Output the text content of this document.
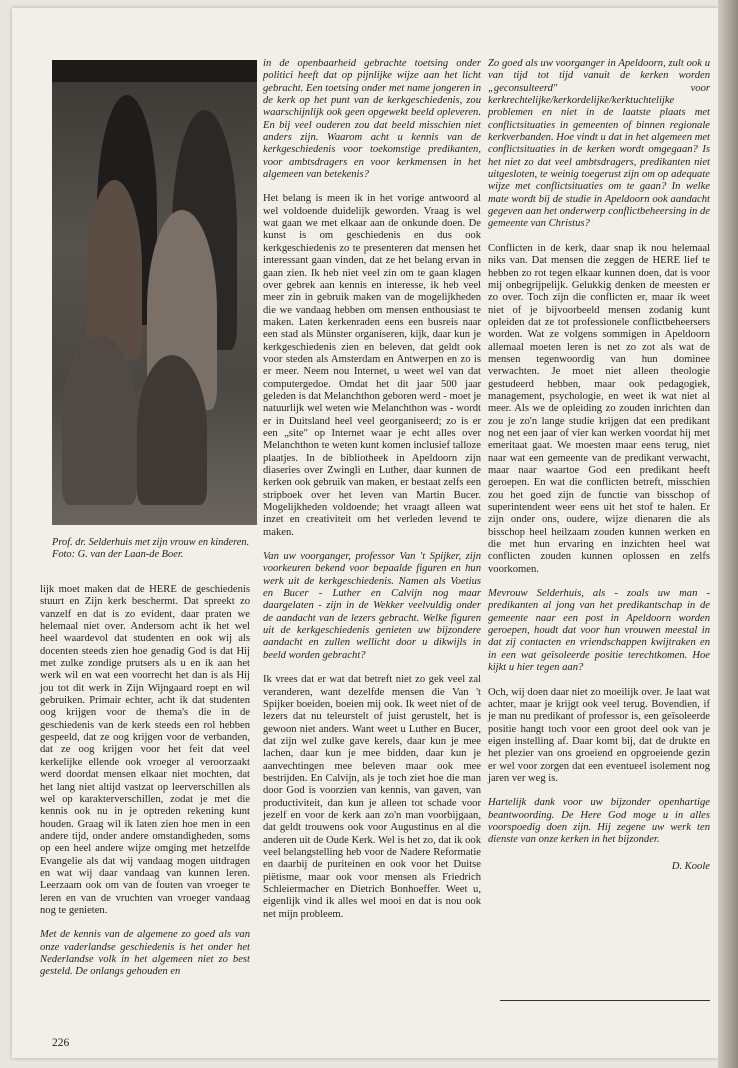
Prof. dr. Selderhuis met zijn vrouw en kinderen. Foto: G. van der Laan-de Boer.

lijk moet maken dat de HERE de geschiedenis stuurt en Zijn kerk beschermt. Dat spreekt zo vanzelf en dat is zo evident, daar praten we helemaal niet over. Andersom acht ik het wel heel waardevol dat studenten en ook wij als docenten steeds zien hoe genadig God is dat Hij met zulke zondige prutsers als u en ik aan het werk wil en wat een voorrecht het dan is als Hij jou tot dit werk in Zijn Wijngaard roept en wil gebruiken. Primair echter, acht ik dat studenten oog krijgen voor de thema's die in de geschiedenis van de kerk steeds een rol hebben gespeeld, dat ze oog krijgen voor de verbanden, dat ze oog krijgen voor het feit dat veel kerkelijke ellende ook vroeger al veroorzaakt werd doordat mensen elkaar niet mochten, dat het lang niet altijd vastzat op leerverschillen als wel op karakterverschillen, zodat je met die kennis ook nu in je optreden rekening kunt houden. Graag wil ik laten zien hoe men in een andere tijd, onder andere omstandigheden, soms op een heel andere wijze omging met hetzelfde Evangelie als dat wij vandaag mogen uitdragen en wat wij daar vandaag van kunnen leren. Leerzaam ook om van de fouten van vroeger te leren en van de vruchten van vroeger vandaag nog te genieten.

Met de kennis van de algemene zo goed als van onze vaderlandse geschiedenis is het onder het Nederlandse volk in het algemeen niet zo best gesteld. De onlangs gehouden en

in de openbaarheid gebrachte toetsing onder politici heeft dat op pijnlijke wijze aan het licht gebracht. Een toetsing onder met name jongeren in de kerk op het punt van de kerkgeschiedenis, zou waarschijnlijk ook geen opgewekt beeld opleveren. En bij veel ouderen zou dat beeld misschien niet anders zijn. Waarom acht u kennis van de kerkgeschiedenis voor toekomstige predikanten, voor ambtsdragers en voor kerkmensen in het algemeen van betekenis?

Het belang is meen ik in het vorige antwoord al wel voldoende duidelijk geworden. Vraag is wel wat gaan we met elkaar aan de onkunde doen. De kunst is om geschiedenis en dus ook kerkgeschiedenis zo te presenteren dat mensen het interessant gaan vinden, dat ze het belang ervan in gaan zien. Ik heb niet veel zin om te gaan klagen over gebrek aan kennis en interesse, ik heb veel meer zin in gebruik maken van de mogelijkheden die we vandaag hebben om mensen enthousiast te maken. Laten kerkenraden eens een busreis naar een stad als Münster organiseren, kijk, daar kun je kerkgeschiedenis zien en beleven, dat geldt ook voor steden als Amsterdam en Antwerpen en zo is er meer. Neem nou Internet, u weet wel van dat computergedoe. Omdat het dit jaar 500 jaar geleden is dat Melanchthon geboren werd - moet je natuurlijk wel weten wie Melanchthon was - wordt er in Duitsland heel veel georganiseerd; zo is er een „site" op Internet waar je echt alles over Melanchthon te weten kunt komen inclusief talloze plaatjes. In de bibliotheek in Apeldoorn zijn diaseries over Zwingli en Luther, daar kunnen de kerken ook gebruik van maken, er bestaat zelfs een stripboek over het leven van Martin Bucer. Mogelijkheden voldoende; het vraagt alleen wat inzet en creativiteit om het verleden levend te maken.

Van uw voorganger, professor Van 't Spijker, zijn voorkeuren bekend voor bepaalde figuren en hun werk uit de kerkgeschiedenis. Namen als Voetius en Bucer - Luther en Calvijn nog maar daargelaten - zijn in de Wekker veelvuldig onder de aandacht van de lezers gebracht. Welke figuren uit de kerkgeschiedenis genieten uw bijzondere aandacht en zullen wellicht door u dikwijls in beeld worden gebracht?

Ik vrees dat er wat dat betreft niet zo gek veel zal veranderen, want dezelfde mensen die Van 't Spijker boeiden, boeien mij ook. Ik weet niet of de lezers dat nu teleurstelt of juist gerustelt, het is gewoon niet anders. Want weet u Luther en Bucer, dat zijn wel zulke gave kerels, daar kun je mee lachen, daar kun je mee bidden, daar kun je aanvechtingen mee beleven maar ook mee bestrijden. En Calvijn, als je toch ziet hoe die man door God is voorzien van kennis, van gaven, van productiviteit, dan kun je alleen tot schade voor jezelf en voor de kerk aan zo'n man voorbijgaan, dat geldt trouwens ook voor Augustinus en al die anderen uit de Oude Kerk. Wel is het zo, dat ik ook veel belangstelling heb voor de Nadere Reformatie en daarbij de puriteinen en ook voor het Duitse piëtisme, maar ook voor mensen als Friedrich Schleiermacher en Dietrich Bonhoeffer. Weet u, eigenlijk vind ik alles wel mooi en dat is nou ook net mijn probleem.

Zo goed als uw voorganger in Apeldoorn, zult ook u van tijd tot tijd vanuit de kerken worden „geconsulteerd" voor kerkrechtelijke/kerkordelijke/kerktuchtelijke problemen en niet in de laatste plaats met conflictsituaties in gemeenten of binnen regionale kerkverbanden. Hoe vindt u dat in het algemeen met conflictsituaties in de kerken wordt omgegaan? Is het niet zo dat veel ambtsdragers, predikanten niet uitgesloten, te weinig toegerust zijn om op adequate wijze met conflictsituaties om te gaan? In welke mate wordt bij de studie in Apeldoorn ook aandacht gegeven aan het onderwerp conflictbeheersing in de gemeente van Christus?

Conflicten in de kerk, daar snap ik nou helemaal niks van. Dat mensen die zeggen de HERE lief te hebben zo rot tegen elkaar kunnen doen, dat is voor mij onbegrijpelijk. Gelukkig denken de meesten er zo over. Toch zijn die conflicten er, maar ik weet niet of je bijvoorbeeld mensen zodanig kunt opleiden dat ze tot professionele conflictbeheersers worden. Wat ze volgens sommigen in Apeldoorn allemaal moeten leren is net zo zot als wat de mensen tegenwoordig van hun dominee verwachten. Je moet niet alleen theologie gestudeerd hebben, maar ook pedagogiek, management, psychologie, en weet ik wat niet al meer. Als we de opleiding zo zouden inrichten dan zou je zo'n lange studie krijgen dat een predikant nog net een jaar of vier kan werken voordat hij met emeritaat gaat. We moesten maar eens terug, niet naar wat een gemeente van de predikant verwacht, maar naar waartoe God een predikant heeft geroepen. En wat die conflicten betreft, misschien zou het goed zijn de functie van bisschop of superintendent weer eens uit het stof te halen. Er zijn onder ons, oudere, wijze dienaren die als bisschop heel heilzaam zouden kunnen werken en die met hun ervaring en inzichten heel wat conflicten zouden kunnen oplossen en zelfs voorkomen.

Mevrouw Selderhuis, als - zoals uw man - predikanten al jong van het predikantschap in de gemeente naar een post in Apeldoorn worden geroepen, houdt dat voor hun vrouwen meestal in dat zij contacten en vriendschappen kwijtraken en in een wat geïsoleerde positie terechtkomen. Hoe kijkt u hier tegen aan?

Och, wij doen daar niet zo moeilijk over. Je laat wat achter, maar je krijgt ook veel terug. Bovendien, if je man nu predikant of professor is, een geïsoleerde positie hangt toch voor een groot deel ook van je eigen instelling af. Daar komt bij, dat de drukte en het plezier van ons groeiend en opgroeiende gezin er wel voor zorgen dat een eventueel isolement nog jaren ver weg is.

Hartelijk dank voor uw bijzonder openhartige beantwoording. De Here God moge u in alles voorspoedig doen zijn. Hij zegene uw werk ten dienste van onze kerken in het bijzonder.

D. Koole
226
